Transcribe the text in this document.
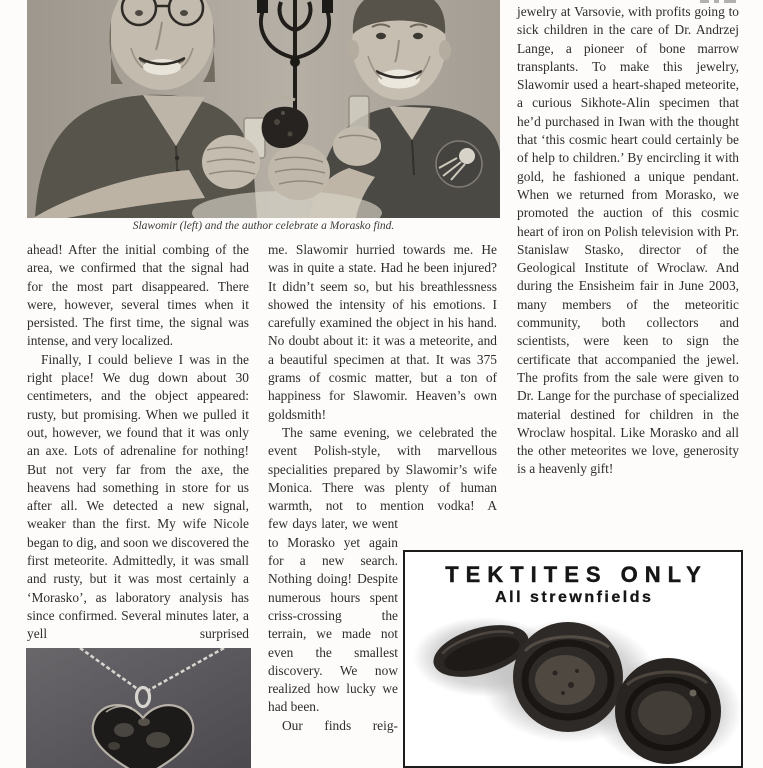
Slawomir (left) and the author celebrate a Morasko find.

ahead! After the initial combing of the area, we confirmed that the signal had for the most part disappeared. There were, however, several times when it persisted. The first time, the signal was intense, and very localized.

Finally, I could believe I was in the right place! We dug down about 30 centimeters, and the object appeared: rusty, but promising. When we pulled it out, however, we found that it was only an axe. Lots of adrenaline for nothing! But not very far from the axe, the heavens had something in store for us after all. We detected a new signal, weaker than the first. My wife Nicole began to dig, and soon we discovered the first meteorite. Admittedly, it was small and rusty, but it was most certainly a ‘Morasko’, as laboratory analysis has since confirmed. Several minutes later, a yell surprised

me. Slawomir hurried towards me. He was in quite a state. Had he been injured? It didn’t seem so, but his breathlessness showed the intensity of his emotions. I carefully examined the object in his hand. No doubt about it: it was a meteorite, and a beautiful specimen at that. It was 375 grams of cosmic matter, but a ton of happiness for Slawomir. Heaven’s own goldsmith!

The same evening, we celebrated the event Polish-style, with marvellous specialities prepared by Slawomir’s wife Monica. There was plenty of human warmth, not to mention vodka! A

few days later, we went to Morasko yet again for a new search. Nothing doing! Despite numerous hours spent criss-crossing the terrain, we made not even the smallest discovery. We now realized how lucky we had been.

Our finds reig-

jewelry at Varsovie, with profits going to sick children in the care of Dr. Andrzej Lange, a pioneer of bone marrow transplants. To make this jewelry, Slawomir used a heart-shaped meteorite, a curious Sikhote-Alin specimen that he’d purchased in Iwan with the thought that ‘this cosmic heart could certainly be of help to children.’ By encircling it with gold, he fashioned a unique pendant. When we returned from Morasko, we promoted the auction of this cosmic heart of iron on Polish television with Pr. Stanislaw Stasko, director of the Geological Institute of Wroclaw. And during the Ensisheim fair in June 2003, many members of the meteoritic community, both collectors and scientists, were keen to sign the certificate that accompanied the jewel. The profits from the sale were given to Dr. Lange for the purchase of specialized material destined for children in the Wroclaw hospital. Like Morasko and all the other meteorites we love, generosity is a heavenly gift!

TEKTITES ONLY
All strewnfields
